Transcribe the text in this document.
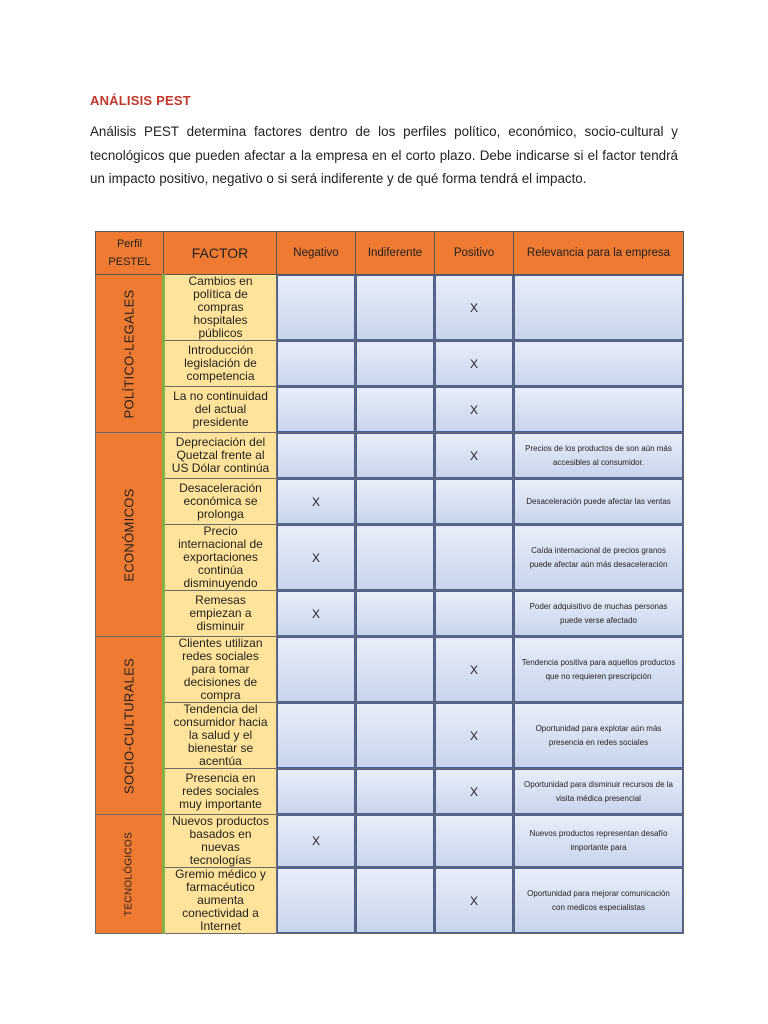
ANÁLISIS PEST

Análisis PEST determina factores dentro de los perfiles político, económico, socio-cultural y tecnológicos que pueden afectar a la empresa en el corto plazo. Debe indicarse si el factor tendrá un impacto positivo, negativo o si será indiferente y de qué forma tendrá el impacto.

Perfil PESTEL	FACTOR	Negativo	Indiferente	Positivo	Relevancia para la empresa

POLÍTICO-LEGALES	Cambios en política de compras hospitales públicos			X	
	Introducción legislación de competencia			X	
	La no continuidad del actual presidente			X	

ECONÓMICOS	Depreciación del Quetzal frente al US Dólar continúa			X	Precios de los productos de son aún más accesibles al consumidor.
	Desaceleración económica se prolonga	X			Desaceleración puede afectar las ventas
	Precio internacional de exportaciones continúa disminuyendo	X			Caída internacional de precios granos puede afectar aún más desaceleración
	Remesas empiezan a disminuir	X			Poder adquisitivo de muchas personas puede verse afectado

SOCIO-CULTURALES	Clientes utilizan redes sociales para tomar decisiones de compra			X	Tendencia positiva para aquellos productos que no requieren prescripción
	Tendencia del consumidor hacia la salud y el bienestar se acentúa			X	Oportunidad para explotar aún más presencia en redes sociales
	Presencia en redes sociales muy importante			X	Oportunidad para disminuir recursos de la visita médica presencial

TECNOLÓGICOS	Nuevos productos basados en nuevas tecnologías	X			Nuevos productos representan desafío importante para
	Gremio médico y farmacéutico aumenta conectividad a Internet			X	Oportunidad para mejorar comunicación con medicos especialistas
